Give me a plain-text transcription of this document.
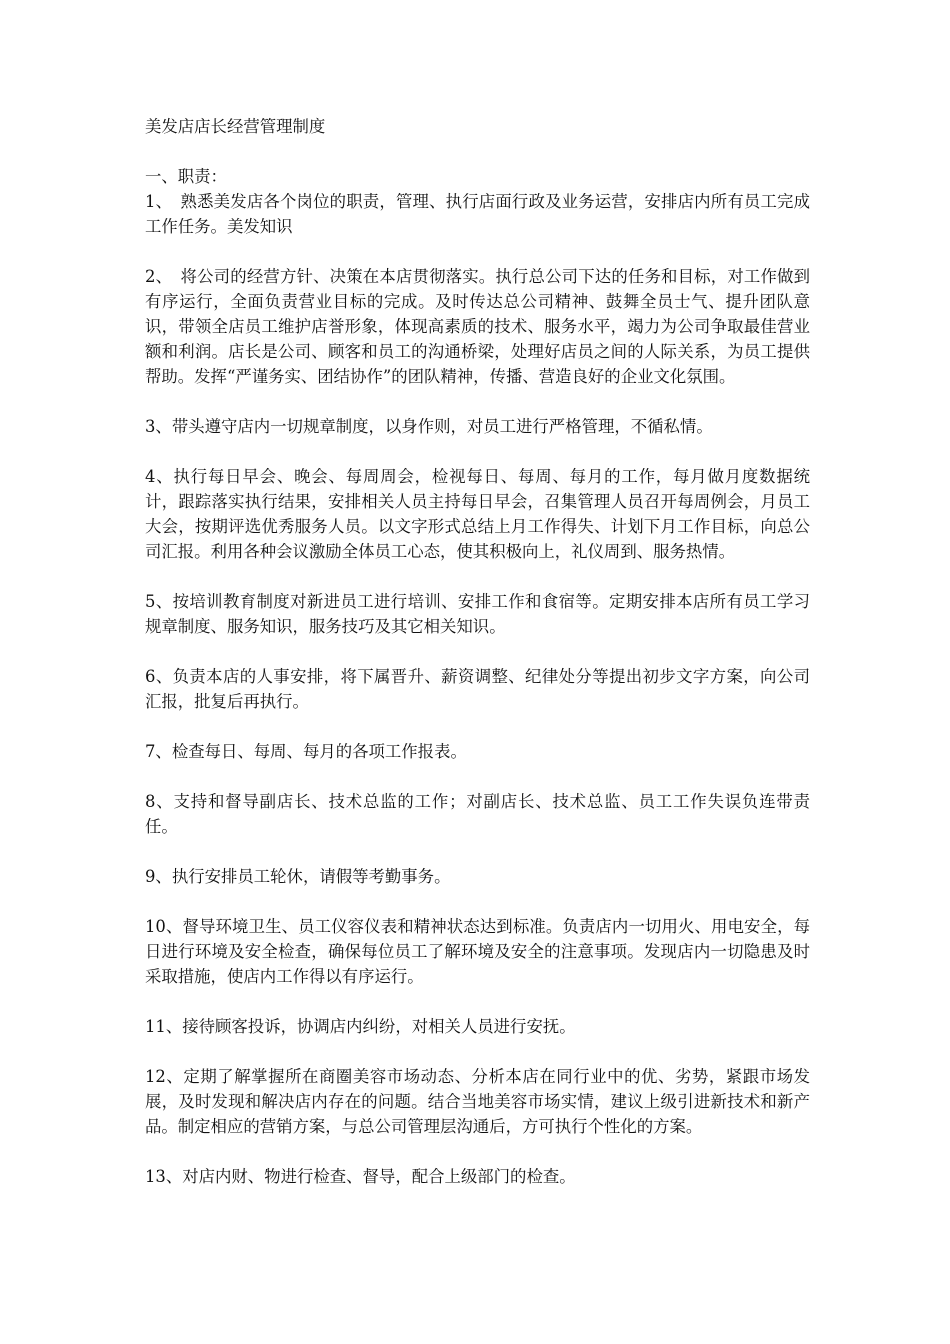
美发店店长经营管理制度
一、职责：

1、　熟悉美发店各个岗位的职责，管理、执行店面行政及业务运营，安排店内所有员工完成工作任务。美发知识

2、　将公司的经营方针、决策在本店贯彻落实。执行总公司下达的任务和目标，对工作做到有序运行，全面负责营业目标的完成。及时传达总公司精神、鼓舞全员士气、提升团队意识，带领全店员工维护店誉形象，体现高素质的技术、服务水平，竭力为公司争取最佳营业额和利润。店长是公司、顾客和员工的沟通桥梁，处理好店员之间的人际关系，为员工提供帮助。发挥“严谨务实、团结协作”的团队精神，传播、营造良好的企业文化氛围。

3、带头遵守店内一切规章制度，以身作则，对员工进行严格管理，不循私情。

4、执行每日早会、晚会、每周周会，检视每日、每周、每月的工作，每月做月度数据统计，跟踪落实执行结果，安排相关人员主持每日早会，召集管理人员召开每周例会，月员工大会，按期评选优秀服务人员。以文字形式总结上月工作得失、计划下月工作目标，向总公司汇报。利用各种会议激励全体员工心态，使其积极向上，礼仪周到、服务热情。

5、按培训教育制度对新进员工进行培训、安排工作和食宿等。定期安排本店所有员工学习规章制度、服务知识，服务技巧及其它相关知识。

6、负责本店的人事安排，将下属晋升、薪资调整、纪律处分等提出初步文字方案，向公司汇报，批复后再执行。

7、检查每日、每周、每月的各项工作报表。

8、支持和督导副店长、技术总监的工作；对副店长、技术总监、员工工作失误负连带责任。

9、执行安排员工轮休，请假等考勤事务。

10、督导环境卫生、员工仪容仪表和精神状态达到标准。负责店内一切用火、用电安全，每日进行环境及安全检查，确保每位员工了解环境及安全的注意事项。发现店内一切隐患及时采取措施，使店内工作得以有序运行。

11、接待顾客投诉，协调店内纠纷，对相关人员进行安抚。

12、定期了解掌握所在商圈美容市场动态、分析本店在同行业中的优、劣势，紧跟市场发展，及时发现和解决店内存在的问题。结合当地美容市场实情，建议上级引进新技术和新产品。制定相应的营销方案，与总公司管理层沟通后，方可执行个性化的方案。

13、对店内财、物进行检查、督导，配合上级部门的检查。
